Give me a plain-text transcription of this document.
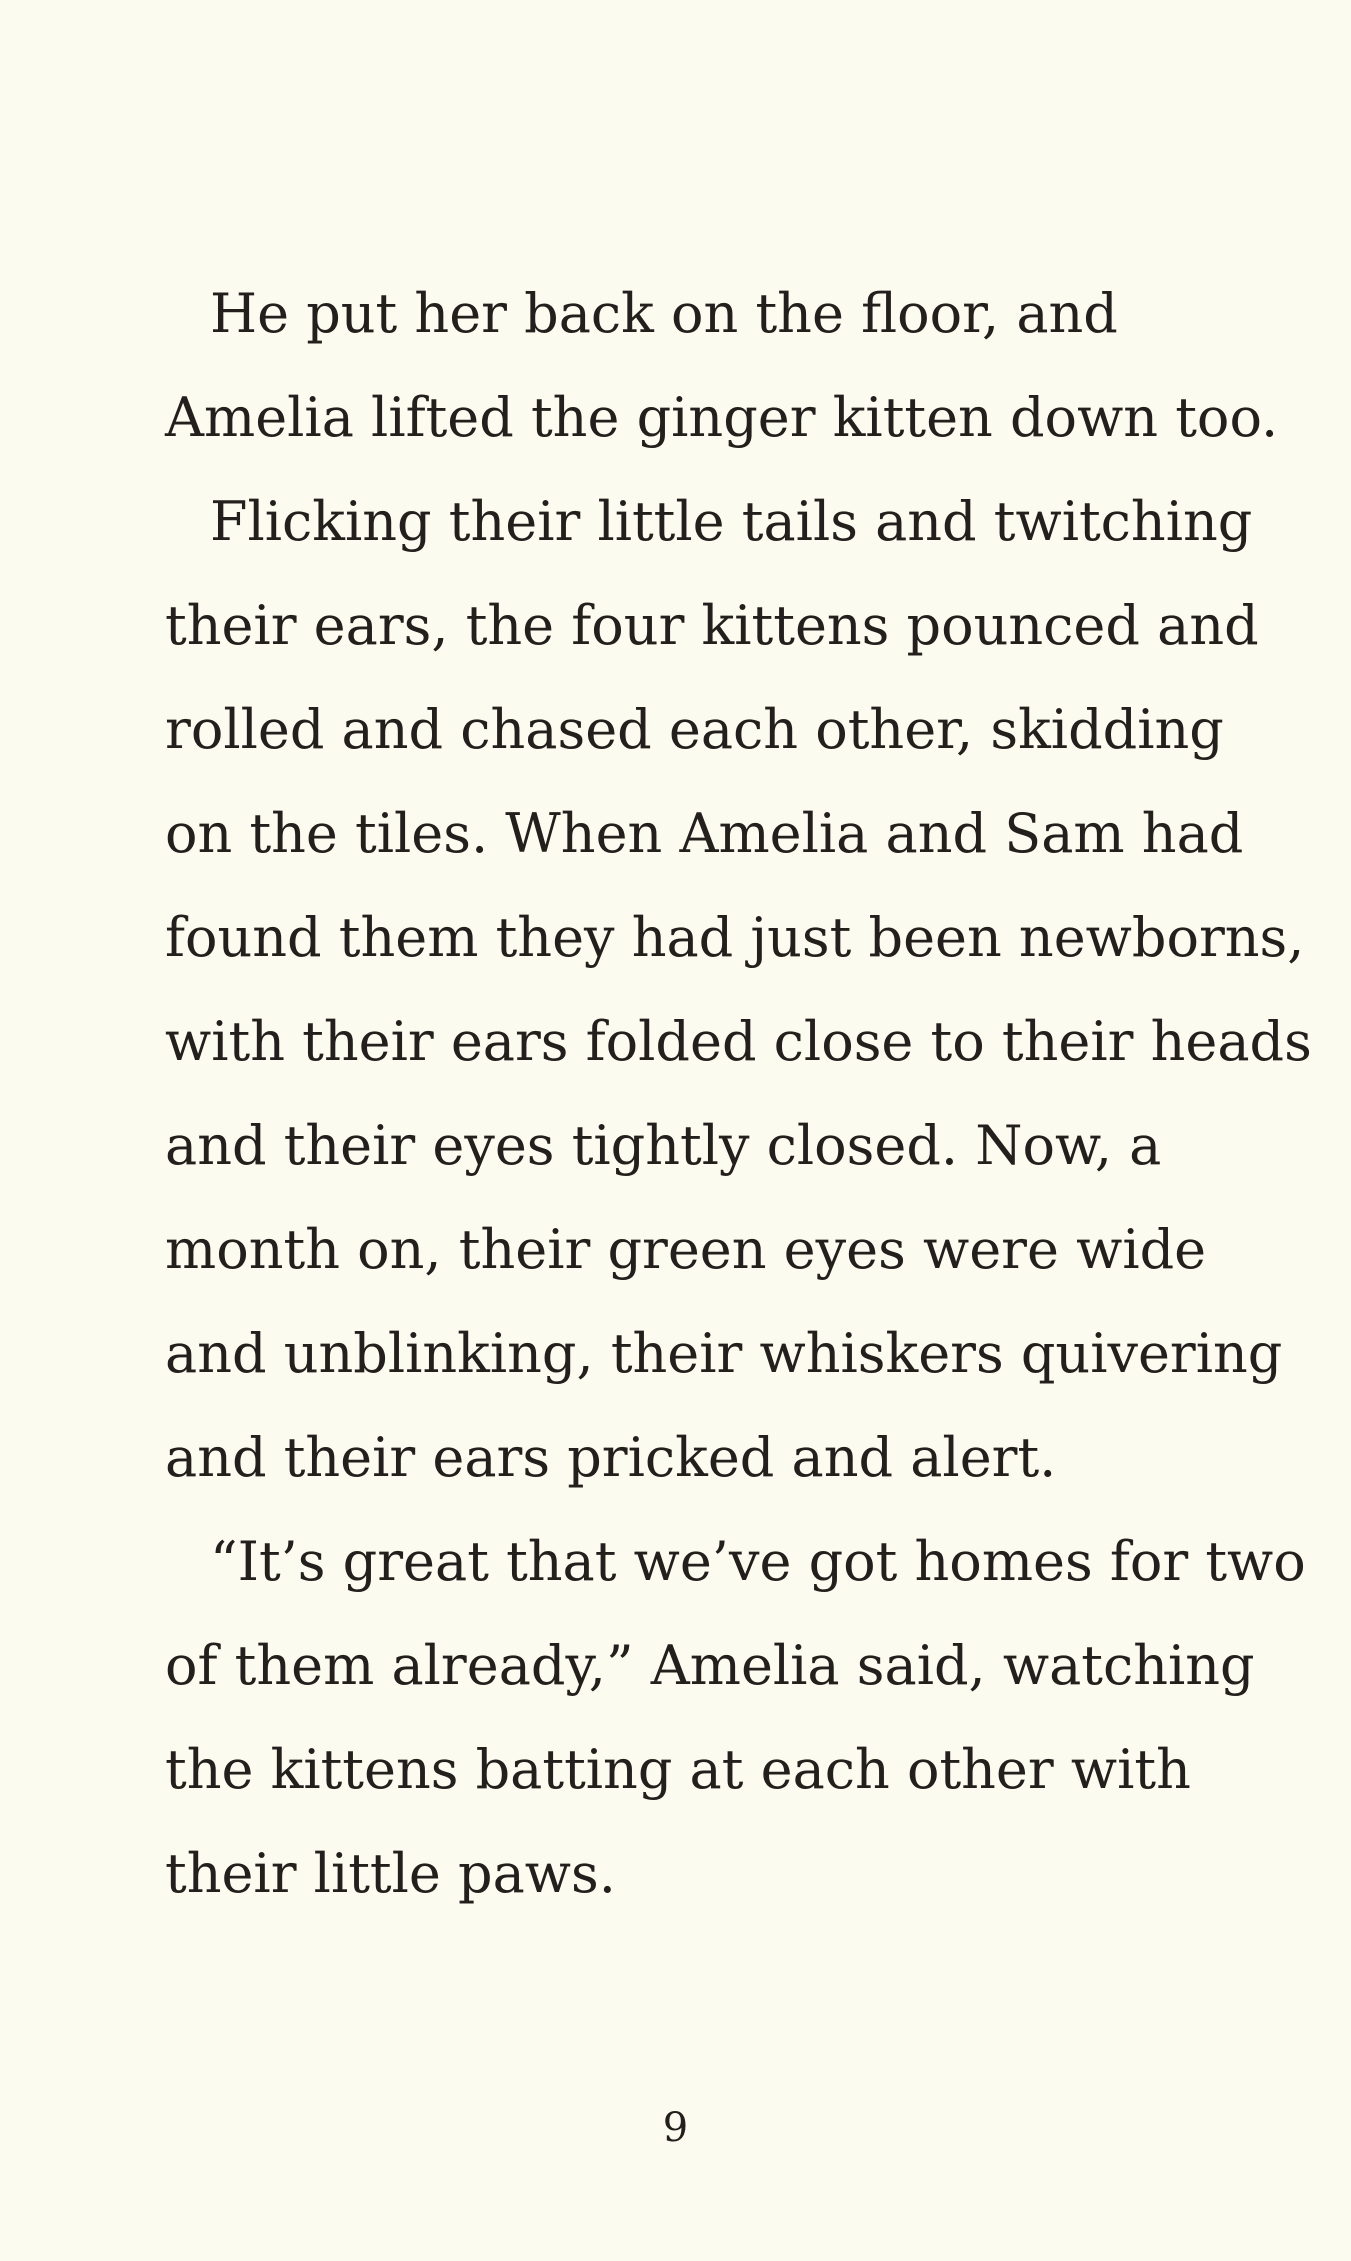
He put her back on the floor, and
Amelia lifted the ginger kitten down too.
Flicking their little tails and twitching
their ears, the four kittens pounced and
rolled and chased each other, skidding
on the tiles. When Amelia and Sam had
found them they had just been newborns,
with their ears folded close to their heads
and their eyes tightly closed. Now, a
month on, their green eyes were wide
and unblinking, their whiskers quivering
and their ears pricked and alert.
“It’s great that we’ve got homes for two
of them already,” Amelia said, watching
the kittens batting at each other with
their little paws.
9
